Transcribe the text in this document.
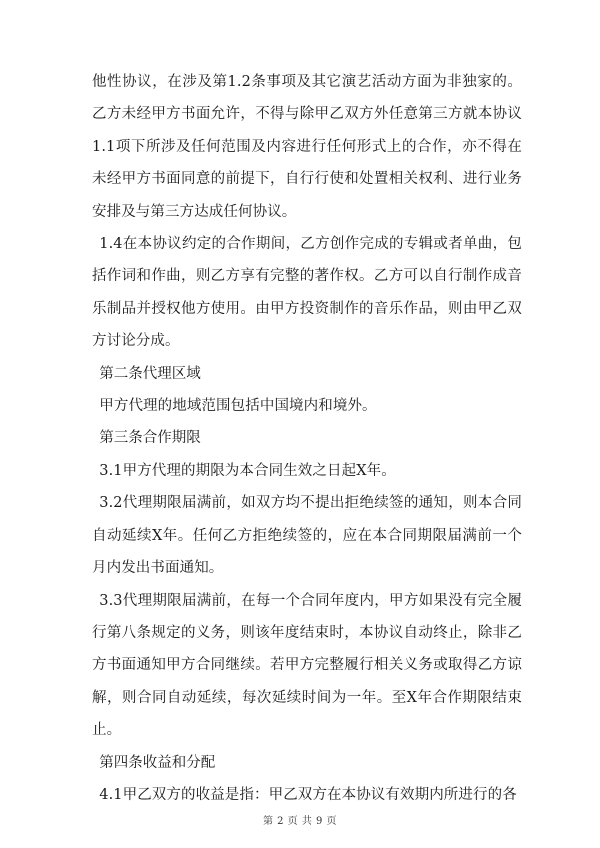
他性协议，在涉及第1.2条事项及其它演艺活动方面为非独家的。乙方未经甲方书面允许，不得与除甲乙双方外任意第三方就本协议1.1项下所涉及任何范围及内容进行任何形式上的合作，亦不得在未经甲方书面同意的前提下，自行行使和处置相关权利、进行业务安排及与第三方达成任何协议。

1.4在本协议约定的合作期间，乙方创作完成的专辑或者单曲，包括作词和作曲，则乙方享有完整的著作权。乙方可以自行制作成音乐制品并授权他方使用。由甲方投资制作的音乐作品，则由甲乙双方讨论分成。

第二条代理区域

甲方代理的地域范围包括中国境内和境外。

第三条合作期限

3.1甲方代理的期限为本合同生效之日起X年。

3.2代理期限届满前，如双方均不提出拒绝续签的通知，则本合同自动延续X年。任何乙方拒绝续签的，应在本合同期限届满前一个月内发出书面通知。

3.3代理期限届满前，在每一个合同年度内，甲方如果没有完全履行第八条规定的义务，则该年度结束时，本协议自动终止，除非乙方书面通知甲方合同继续。若甲方完整履行相关义务或取得乙方谅解，则合同自动延续，每次延续时间为一年。至X年合作期限结束止。

第四条收益和分配

4.1甲乙双方的收益是指：甲乙双方在本协议有效期内所进行的各

第 2 页 共 9 页
